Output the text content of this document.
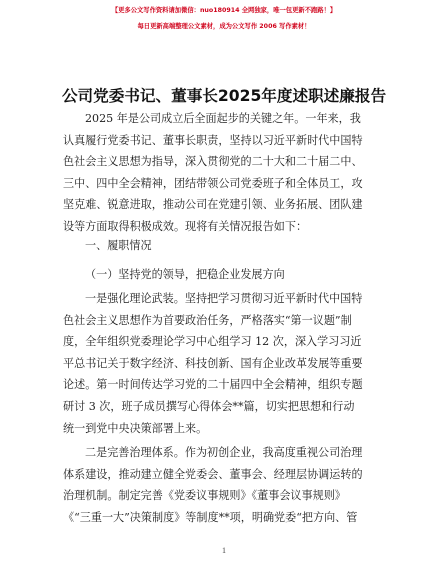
【更多公文写作资料请加微信：nuo180914 全网独家，唯一包更新不跑路！】
每日更新高端整理公文素材，成为公文写作 2006 写作素材！
公司党委书记、董事长2025年度述职述廉报告
2025 年是公司成立后全面起步的关键之年。一年来，我
认真履行党委书记、董事长职责，坚持以习近平新时代中国特
色社会主义思想为指导，深入贯彻党的二十大和二十届二中、
三中、四中全会精神，团结带领公司党委班子和全体员工，攻
坚克难、锐意进取，推动公司在党建引领、业务拓展、团队建
设等方面取得积极成效。现将有关情况报告如下：
一、履职情况
（一）坚持党的领导，把稳企业发展方向
一是强化理论武装。坚持把学习贯彻习近平新时代中国特
色社会主义思想作为首要政治任务，严格落实“第一议题”制
度，全年组织党委理论学习中心组学习 12 次，深入学习习近
平总书记关于数字经济、科技创新、国有企业改革发展等重要
论述。第一时间传达学习党的二十届四中全会精神，组织专题
研讨 3 次，班子成员撰写心得体会**篇，切实把思想和行动
统一到党中央决策部署上来。
二是完善治理体系。作为初创企业，我高度重视公司治理
体系建设，推动建立健全党委会、董事会、经理层协调运转的
治理机制。制定完善《党委议事规则》《董事会议事规则》
《“三重一大”决策制度》等制度**项，明确党委“把方向、管
1
